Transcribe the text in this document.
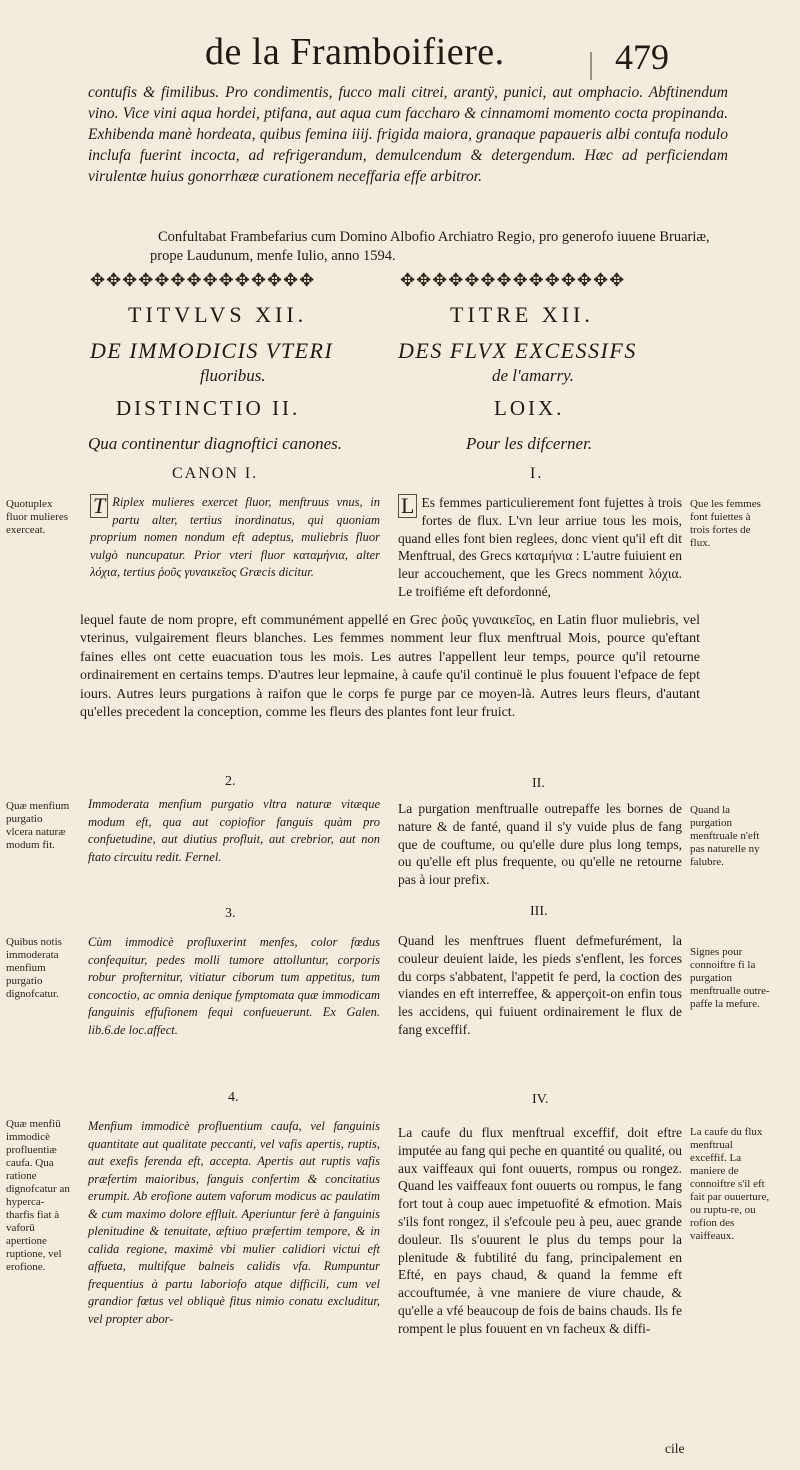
de la Framboifiere.	479
contufis & fimilibus. Pro condimentis, fucco mali citrei, arantÿ, punici, aut omphacio. Abftinendum vino. Vice vini aqua hordei, ptifana, aut aqua cum faccharo & cinnamomi momento cocta propinanda. Exhibenda manè hordeata, quibus femina iiij. frigida maiora, granaque papaueris albi contufa nodulo inclufa fuerint incocta, ad refrigerandum, demulcendum & detergendum. Hæc ad perficiendam virulentæ huius gonorrhææ curationem neceffaria effe arbitror.
Confultabat Frambefarius cum Domino Albofio Archiatro Regio, pro generofo iuuene Bruariæ, prope Laudunum, menfe Iulio, anno 1594.
✥✥✥✥✥✥✥✥✥✥✥✥✥✥	✥✥✥✥✥✥✥✥✥✥✥✥✥✥
TITVLVS XII.
DE IMMODICIS VTERI
fluoribus.
DISTINCTIO II.
Qua continentur diagnoftici canones.
CANON I.
TITRE XII.
DES FLVX EXCESSIFS
de l'amarry.
LOIX.
Pour les difcerner.
I.
Quotuplex fluor mulieres exerceat.
T Riplex mulieres exercet fluor, menftruus vnus, in partu alter, tertius inordinatus, qui quoniam proprium nomen nondum eft adeptus, muliebris fluor vulgò nuncupatur. Prior vteri fluor καταμήνια, alter λόχια, tertius ῥοῦς γυναικεῖος Græcis dicitur.
L Es femmes particulierement font fujettes à trois fortes de flux. L'vn leur arriue tous les mois, quand elles font bien reglees, donc vient qu'il eft dit Menftrual, des Grecs καταμήνια : L'autre fuiuient en leur accouchement, que les Grecs nomment λόχια. Le troifiéme eft defordonné,
Que les femmes font fuiettes à trois fortes de flux.
lequel faute de nom propre, eft communément appellé en Grec ῥοῦς γυναικεῖος, en Latin fluor muliebris, vel vterinus, vulgairement fleurs blanches. Les femmes nomment leur flux menftrual Mois, pource qu'eftant faines elles ont cette euacuation tous les mois. Les autres l'appellent leur temps, pource qu'il retourne ordinairement en certains temps. D'autres leur lepmaine, à caufe qu'il continuë le plus fouuent l'efpace de fept iours. Autres leurs purgations à raifon que le corps fe purge par ce moyen-là. Autres leurs fleurs, d'autant qu'elles precedent la conception, comme les fleurs des plantes font leur fruict.
2.	II.
Quæ menfium purgatio vlcera naturæ modum fit.
Immoderata menfium purgatio vltra naturæ vitæque modum eft, qua aut copiofior fanguis quàm pro confuetudine, aut diutius profluit, aut crebrior, aut non ftato circuitu redit. Fernel.
La purgation menftrualle outrepaffe les bornes de nature & de fanté, quand il s'y vuide plus de fang que de couftume, ou qu'elle dure plus long temps, ou qu'elle eft plus frequente, ou qu'elle ne retourne pas à iour prefix.
Quand la purgation menftruale n'eft pas naturelle ny falubre.
3.	III.
Quibus notis immoderata menfium purgatio dignofcatur.
Cùm immodicè profluxerint menfes, color fœdus confequitur, pedes molli tumore attolluntur, corporis robur profternitur, vitiatur ciborum tum appetitus, tum concoctio, ac omnia denique fymptomata quæ immodicam fanguinis effufionem fequi confueuerunt. Ex Galen. lib.6.de loc.affect.
Quand les menftrues fluent defmefurément, la couleur deuient laide, les pieds s'enflent, les forces du corps s'abbatent, l'appetit fe perd, la coction des viandes en eft interreffee, & apperçoit-on enfin tous les accidens, qui fuiuent ordinairement le flux de fang exceffif.
Signes pour connoiftre fi la purgation menftrualle outre-paffe la mefure.
4.	IV.
Quæ menfiū immodicè profluentiæ caufa. Qua ratione dignofcatur an hyperca-tharfis fiat à vaforū apertione ruptione, vel erofione.
Menfium immodicè profluentium caufa, vel fanguinis quantitate aut qualitate peccanti, vel vafis apertis, ruptis, aut exefis ferenda eft, accepta. Apertis aut ruptis vafis præfertim maioribus, fanguis confertim & concitatius erumpit. Ab erofione autem vaforum modicus ac paulatim & cum maximo dolore effluit. Aperiuntur ferè à fanguinis plenitudine & tenuitate, æftiuo præfertim tempore, & in calida regione, maximè vbi mulier calidiori victui eft affueta, multifque balneis calidis vfa. Rumpuntur frequentius à partu laboriofo atque difficili, cum vel grandior fœtus vel obliquè fitus nimio conatu excluditur, vel propter abor-
La caufe du flux menftrual exceffif, doit eftre imputée au fang qui peche en quantité ou qualité, ou aux vaiffeaux qui font ouuerts, rompus ou rongez. Quand les vaiffeaux font ouuerts ou rompus, le fang fort tout à coup auec impetuofité & efmotion. Mais s'ils font rongez, il s'efcoule peu à peu, auec grande douleur. Ils s'ouurent le plus du temps pour la plenitude & fubtilité du fang, principalement en Efté, en pays chaud, & quand la femme eft accouftumée, à vne maniere de viure chaude, & qu'elle a vfé beaucoup de fois de bains chauds. Ils fe rompent le plus fouuent en vn facheux & diffi-
La caufe du flux menftrual exceffif. La maniere de connoiftre s'il eft fait par ouuerture, ou ruptu-re, ou rofion des vaiffeaux.
cile
